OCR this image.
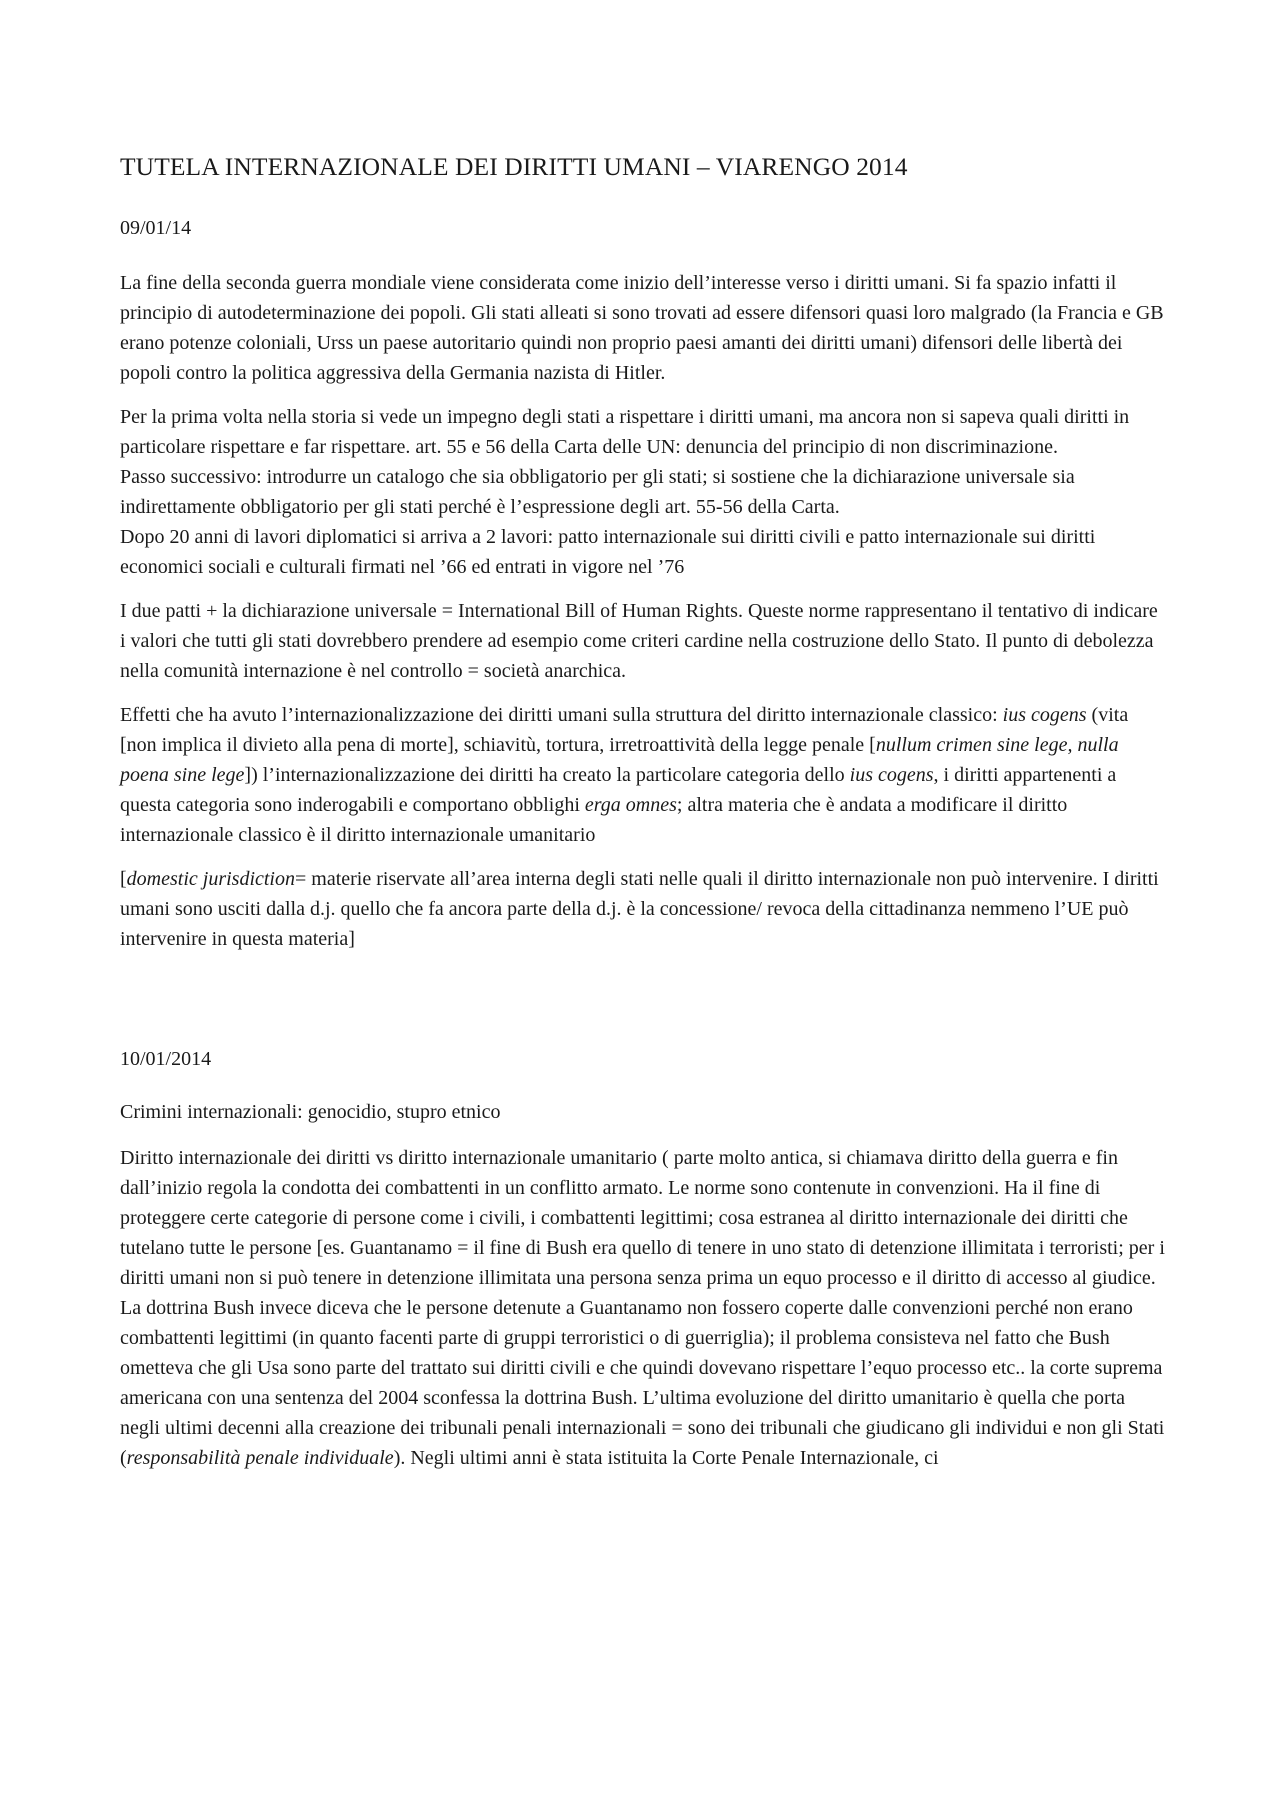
TUTELA INTERNAZIONALE DEI DIRITTI UMANI – VIARENGO 2014
09/01/14

La fine della seconda guerra mondiale viene considerata come inizio dell’interesse verso i diritti umani. Si fa spazio infatti il principio di autodeterminazione dei popoli. Gli stati alleati si sono trovati ad essere difensori quasi loro malgrado (la Francia e GB erano potenze coloniali, Urss un paese autoritario quindi non proprio paesi amanti dei diritti umani) difensori delle libertà dei popoli contro la politica aggressiva della Germania nazista di Hitler.

Per la prima volta nella storia si vede un impegno degli stati a rispettare i diritti umani, ma ancora non si sapeva quali diritti in particolare rispettare e far rispettare. art. 55 e 56 della Carta delle UN: denuncia del principio di non discriminazione.

Passo successivo: introdurre un catalogo che sia obbligatorio per gli stati; si sostiene che la dichiarazione universale sia indirettamente obbligatorio per gli stati perché è l’espressione degli art. 55-56 della Carta.

Dopo 20 anni di lavori diplomatici si arriva a 2 lavori: patto internazionale sui diritti civili e patto internazionale sui diritti economici sociali e culturali firmati nel ’66 ed entrati in vigore nel ’76

I due patti + la dichiarazione universale = International Bill of Human Rights. Queste norme rappresentano il tentativo di indicare i valori che tutti gli stati dovrebbero prendere ad esempio come criteri cardine nella costruzione dello Stato. Il punto di debolezza nella comunità internazione è nel controllo = società anarchica.

Effetti che ha avuto l’internazionalizzazione dei diritti umani sulla struttura del diritto internazionale classico: ius cogens (vita [non implica il divieto alla pena di morte], schiavitù, tortura, irretroattività della legge penale [nullum crimen sine lege, nulla poena sine lege]) l’internazionalizzazione dei diritti ha creato la particolare categoria dello ius cogens, i diritti appartenenti a questa categoria sono inderogabili e comportano obblighi erga omnes; altra materia che è andata a modificare il diritto internazionale classico è il diritto internazionale umanitario

[domestic jurisdiction= materie riservate all’area interna degli stati nelle quali il diritto internazionale non può intervenire. I diritti umani sono usciti dalla d.j. quello che fa ancora parte della d.j. è la concessione/ revoca della cittadinanza nemmeno l’UE può intervenire in questa materia]

10/01/2014
Crimini internazionali: genocidio, stupro etnico

Diritto internazionale dei diritti vs diritto internazionale umanitario ( parte molto antica, si chiamava diritto della guerra e fin dall’inizio regola la condotta dei combattenti in un conflitto armato. Le norme sono contenute in convenzioni. Ha il fine di proteggere certe categorie di persone come i civili, i combattenti legittimi; cosa estranea al diritto internazionale dei diritti che tutelano tutte le persone [es. Guantanamo = il fine di Bush era quello di tenere in uno stato di detenzione illimitata i terroristi; per i diritti umani non si può tenere in detenzione illimitata una persona senza prima un equo processo e il diritto di accesso al giudice. La dottrina Bush invece diceva che le persone detenute a Guantanamo non fossero coperte dalle convenzioni perché non erano combattenti legittimi (in quanto facenti parte di gruppi terroristici o di guerriglia); il problema consisteva nel fatto che Bush ometteva che gli Usa sono parte del trattato sui diritti civili e che quindi dovevano rispettare l’equo processo etc.. la corte suprema americana con una sentenza del 2004 sconfessa la dottrina Bush. L’ultima evoluzione del diritto umanitario è quella che porta negli ultimi decenni alla creazione dei tribunali penali internazionali = sono dei tribunali che giudicano gli individui e non gli Stati (responsabilità penale individuale). Negli ultimi anni è stata istituita la Corte Penale Internazionale, ci
